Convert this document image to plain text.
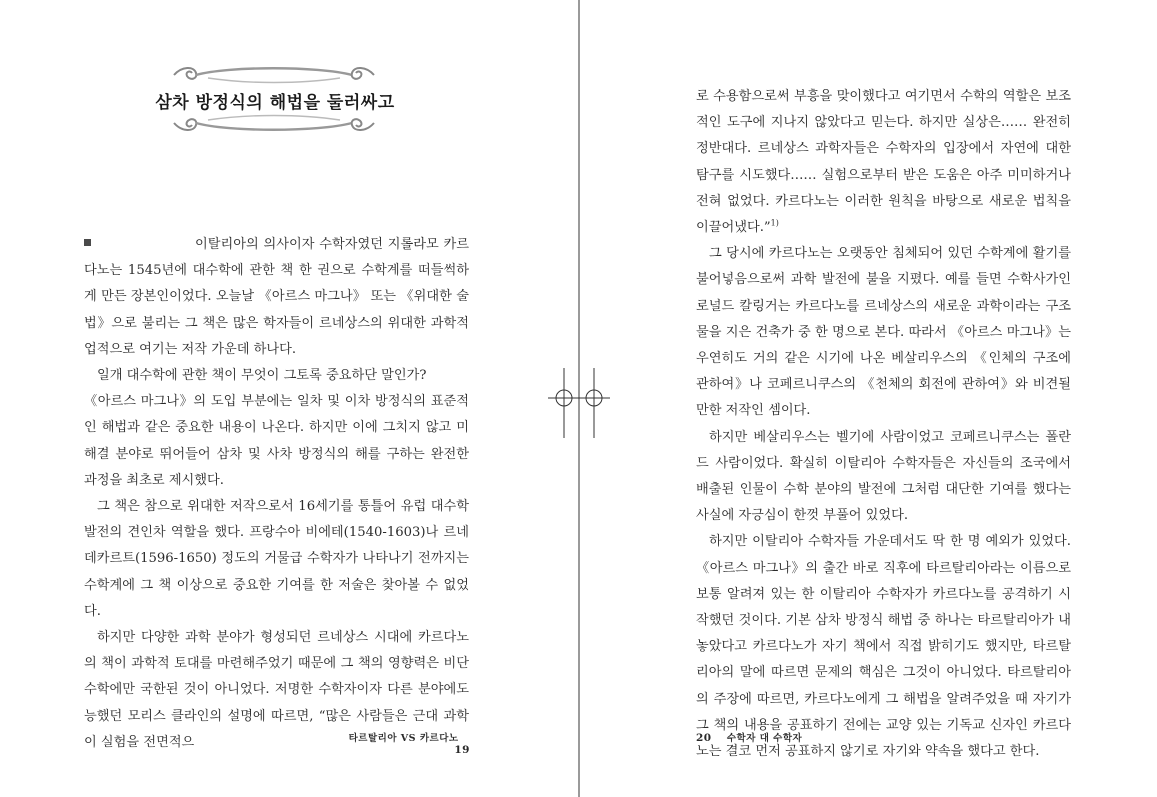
삼차 방정식의 해법을 둘러싸고

이탈리아의 의사이자 수학자였던 지롤라모 카르다노는 1545년에 대수학에 관한 책 한 권으로 수학계를 떠들썩하게 만든 장본인이었다. 오늘날 《아르스 마그나》 또는 《위대한 술법》으로 불리는 그 책은 많은 학자들이 르네상스의 위대한 과학적 업적으로 여기는 저작 가운데 하나다.

일개 대수학에 관한 책이 무엇이 그토록 중요하단 말인가?

《아르스 마그나》의 도입 부분에는 일차 및 이차 방정식의 표준적인 해법과 같은 중요한 내용이 나온다. 하지만 이에 그치지 않고 미해결 분야로 뛰어들어 삼차 및 사차 방정식의 해를 구하는 완전한 과정을 최초로 제시했다.

그 책은 참으로 위대한 저작으로서 16세기를 통틀어 유럽 대수학 발전의 견인차 역할을 했다. 프랑수아 비에테(1540-1603)나 르네 데카르트(1596-1650) 정도의 거물급 수학자가 나타나기 전까지는 수학계에 그 책 이상으로 중요한 기여를 한 저술은 찾아볼 수 없었다.

하지만 다양한 과학 분야가 형성되던 르네상스 시대에 카르다노의 책이 과학적 토대를 마련해주었기 때문에 그 책의 영향력은 비단 수학에만 국한된 것이 아니었다. 저명한 수학자이자 다른 분야에도 능했던 모리스 클라인의 설명에 따르면, “많은 사람들은 근대 과학이 실험을 전면적으	타르탈리아 VS 카르다노    19

로 수용함으로써 부흥을 맞이했다고 여기면서 수학의 역할은 보조적인 도구에 지나지 않았다고 믿는다. 하지만 실상은…… 완전히 정반대다. 르네상스 과학자들은 수학자의 입장에서 자연에 대한 탐구를 시도했다…… 실험으로부터 받은 도움은 아주 미미하거나 전혀 없었다. 카르다노는 이러한 원칙을 바탕으로 새로운 법칙을 이끌어냈다.”$^{1)}$

그 당시에 카르다노는 오랫동안 침체되어 있던 수학계에 활기를 불어넣음으로써 과학 발전에 불을 지폈다. 예를 들면 수학사가인 로널드 칼링거는 카르다노를 르네상스의 새로운 과학이라는 구조물을 지은 건축가 중 한 명으로 본다. 따라서 《아르스 마그나》는 우연히도 거의 같은 시기에 나온 베살리우스의 《인체의 구조에 관하여》나 코페르니쿠스의 《천체의 회전에 관하여》와 비견될 만한 저작인 셈이다.

하지만 베살리우스는 벨기에 사람이었고 코페르니쿠스는 폴란드 사람이었다. 확실히 이탈리아 수학자들은 자신들의 조국에서 배출된 인물이 수학 분야의 발전에 그처럼 대단한 기여를 했다는 사실에 자긍심이 한껏 부풀어 있었다.

하지만 이탈리아 수학자들 가운데서도 딱 한 명 예외가 있었다. 《아르스 마그나》의 출간 바로 직후에 타르탈리아라는 이름으로 보통 알려져 있는 한 이탈리아 수학자가 카르다노를 공격하기 시작했던 것이다. 기본 삼차 방정식 해법 중 하나는 타르탈리아가 내놓았다고 카르다노가 자기 책에서 직접 밝히기도 했지만, 타르탈리아의 말에 따르면 문제의 핵심은 그것이 아니었다. 타르탈리아의 주장에 따르면, 카르다노에게 그 해법을 알려주었을 때 자기가 그 책의 내용을 공표하기 전에는 교양 있는 기독교 신자인 카르다노는 결코 먼저 공표하지 않기로 자기와 약속을 했다고 한다.

20 수학자 대 수학자
